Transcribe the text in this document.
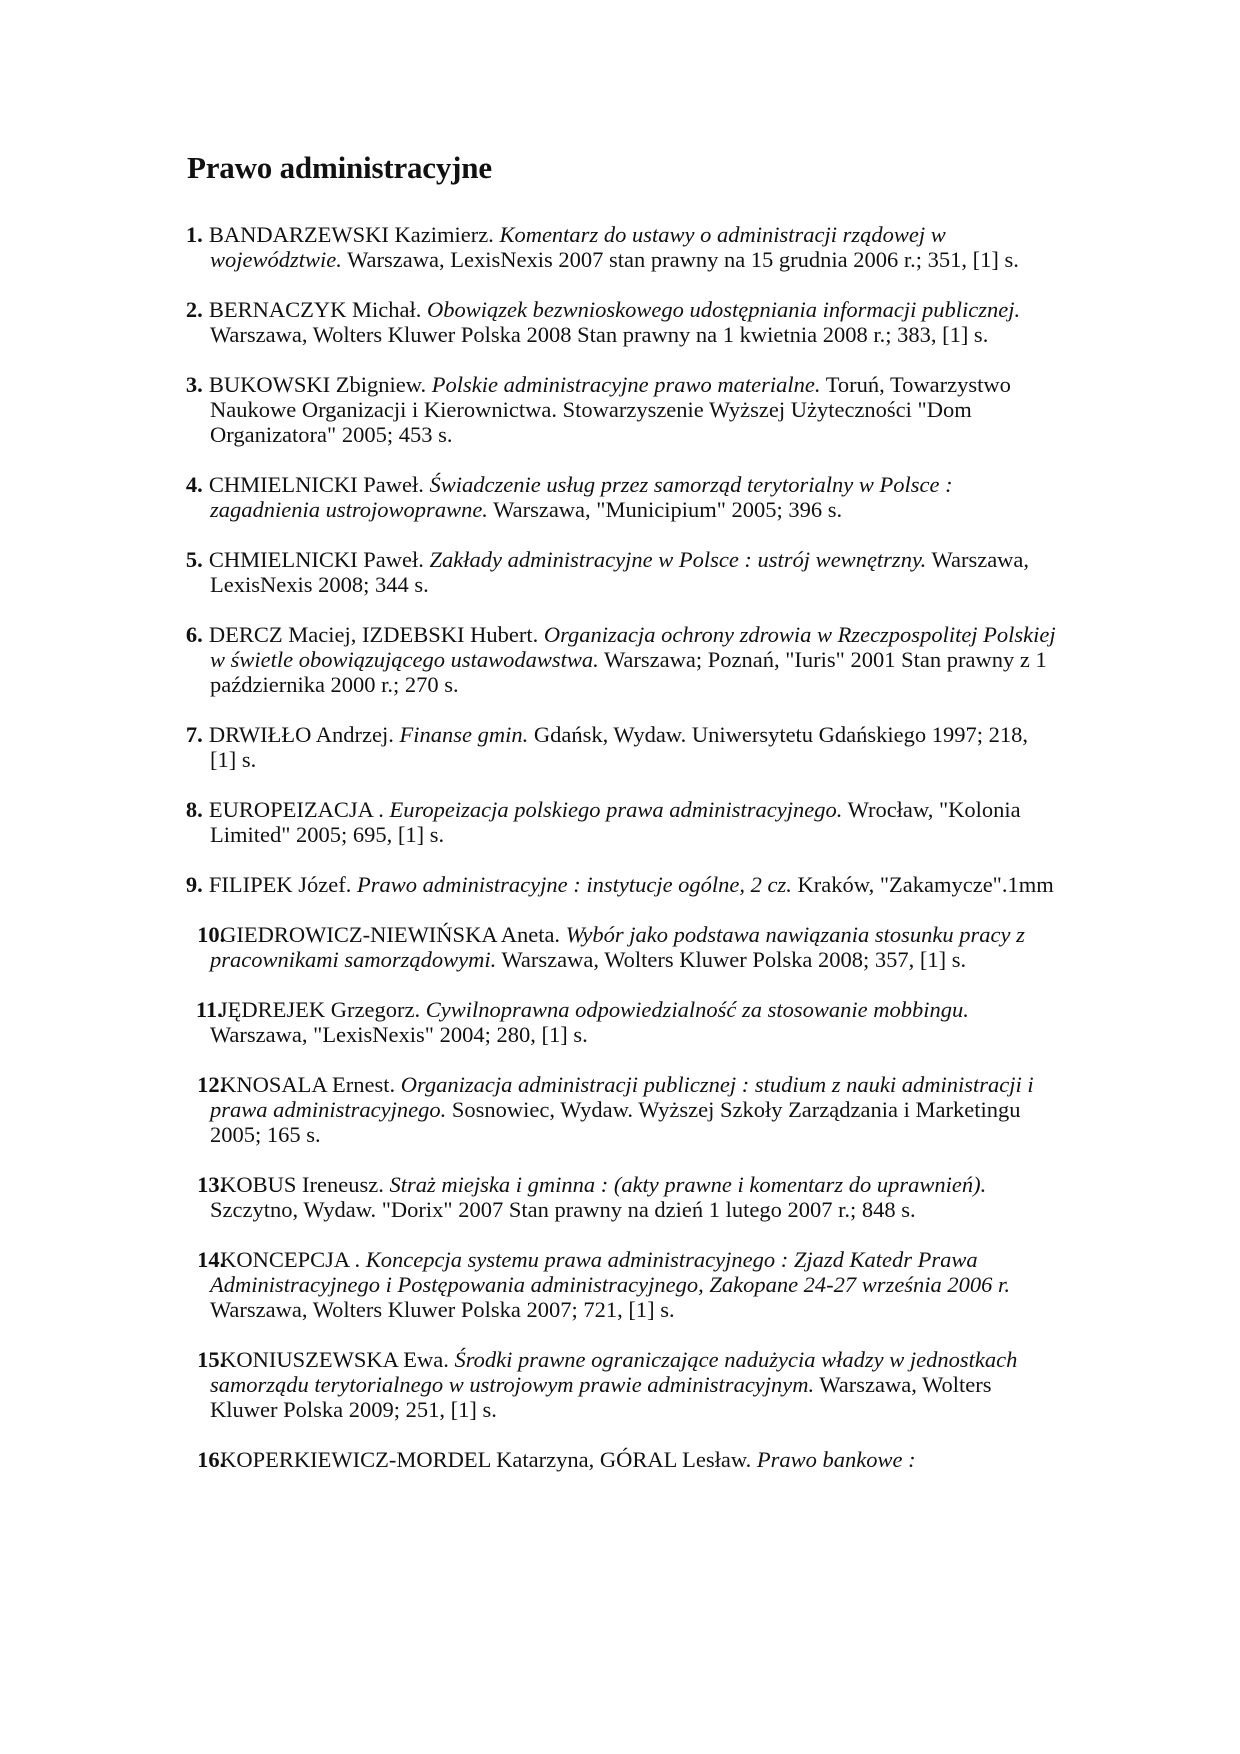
Prawo administracyjne
1. BANDARZEWSKI Kazimierz. Komentarz do ustawy o administracji rządowej w województwie. Warszawa, LexisNexis 2007 stan prawny na 15 grudnia 2006 r.; 351, [1] s.
2. BERNACZYK Michał. Obowiązek bezwnioskowego udostępniania informacji publicznej. Warszawa, Wolters Kluwer Polska 2008 Stan prawny na 1 kwietnia 2008 r.; 383, [1] s.
3. BUKOWSKI Zbigniew. Polskie administracyjne prawo materialne. Toruń, Towarzystwo Naukowe Organizacji i Kierownictwa. Stowarzyszenie Wyższej Użyteczności "Dom Organizatora" 2005; 453 s.
4. CHMIELNICKI Paweł. Świadczenie usług przez samorząd terytorialny w Polsce : zagadnienia ustrojowoprawne. Warszawa, "Municipium" 2005; 396 s.
5. CHMIELNICKI Paweł. Zakłady administracyjne w Polsce : ustrój wewnętrzny. Warszawa, LexisNexis 2008; 344 s.
6. DERCZ Maciej, IZDEBSKI Hubert. Organizacja ochrony zdrowia w Rzeczpospolitej Polskiej w świetle obowiązującego ustawodawstwa. Warszawa; Poznań, "Iuris" 2001 Stan prawny z 1 października 2000 r.; 270 s.
7. DRWIŁŁO Andrzej. Finanse gmin. Gdańsk, Wydaw. Uniwersytetu Gdańskiego 1997; 218, [1] s.
8. EUROPEIZACJA . Europeizacja polskiego prawa administracyjnego. Wrocław, "Kolonia Limited" 2005; 695, [1] s.
9. FILIPEK Józef. Prawo administracyjne : instytucje ogólne, 2 cz. Kraków, "Zakamycze".1mm
10.
GIEDROWICZ-NIEWIŃSKA Aneta. Wybór jako podstawa nawiązania stosunku pracy z pracownikami samorządowymi. Warszawa, Wolters Kluwer Polska 2008; 357, [1] s.
11.
JĘDREJEK Grzegorz. Cywilnoprawna odpowiedzialność za stosowanie mobbingu. Warszawa, "LexisNexis" 2004; 280, [1] s.
12.
KNOSALA Ernest. Organizacja administracji publicznej : studium z nauki administracji i prawa administracyjnego. Sosnowiec, Wydaw. Wyższej Szkoły Zarządzania i Marketingu 2005; 165 s.
13.
KOBUS Ireneusz. Straż miejska i gminna : (akty prawne i komentarz do uprawnień). Szczytno, Wydaw. "Dorix" 2007 Stan prawny na dzień 1 lutego 2007 r.; 848 s.
14.
KONCEPCJA . Koncepcja systemu prawa administracyjnego : Zjazd Katedr Prawa Administracyjnego i Postępowania administracyjnego, Zakopane 24-27 września 2006 r. Warszawa, Wolters Kluwer Polska 2007; 721, [1] s.
15.
KONIUSZEWSKA Ewa. Środki prawne ograniczające nadużycia władzy w jednostkach samorządu terytorialnego w ustrojowym prawie administracyjnym. Warszawa, Wolters Kluwer Polska 2009; 251, [1] s.
16.
KOPERKIEWICZ-MORDEL Katarzyna, GÓRAL Lesław. Prawo bankowe :
